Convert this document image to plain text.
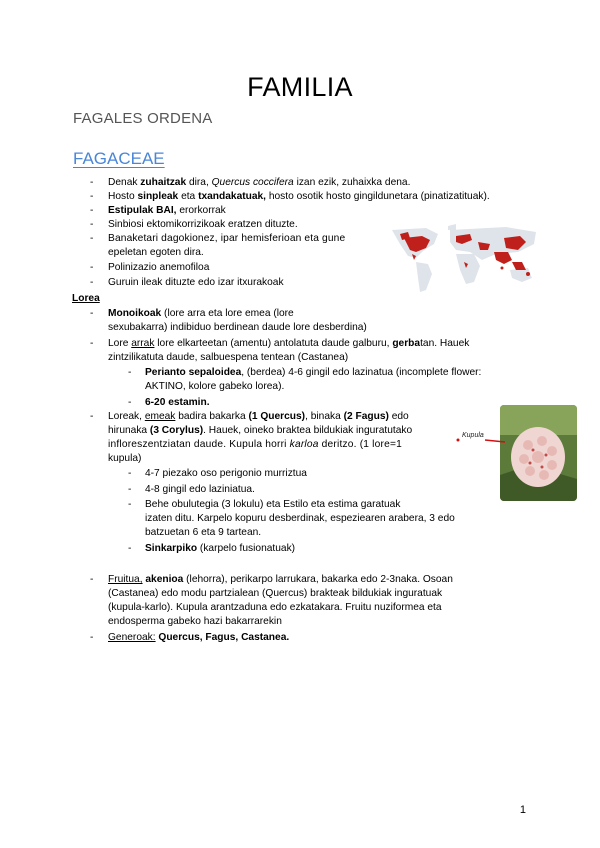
FAMILIA
FAGALES ORDENA
FAGACEAE
- Denak zuhaitzak dira, Quercus coccifera izan ezik, zuhaixka dena.
- Hosto sinpleak eta txandakatuak, hosto osotik hosto gingildunetara (pinatizatituak).
- Estipulak BAI, erorkorrak
- Sinbiosi ektomikorrizikoak eratzen dituzte.
- Banaketari dagokionez, ipar hemisferioan eta gune
epeletan egoten dira.
- Polinizazio anemofiloa
- Guruin ileak dituzte edo izar itxurakoak
Lorea
- Monoikoak (lore arra eta lore emea (lore
sexubakarra) indibiduo berdinean daude lore desberdina)
- Lore arrak lore elkarteetan (amentu) antolatuta daude galburu, gerbatan. Hauek
zintzilikatuta daude, salbuespena tentean (Castanea)
- Perianto sepaloidea, (berdea) 4-6 gingil edo lazinatua (incomplete flower:
AKTINO, kolore gabeko lorea).
- 6-20 estamin.
- Loreak, emeak badira bakarka (1 Quercus), binaka (2 Fagus) edo
hirunaka (3 Corylus). Hauek, oineko braktea bildukiak inguratutako
infloreszentziatan daude. Kupula horri karloa deritzo. (1 lore=1
kupula)
- 4-7 piezako oso perigonio murriztua
- 4-8 gingil edo laziniatua.
- Behe obulutegia (3 lokulu) eta Estilo eta estima garatuak
izaten ditu. Karpelo kopuru desberdinak, espeziearen arabera, 3 edo
batzuetan 6 eta 9 tartean.
- Sinkarpiko (karpelo fusionatuak)
Kupula
- Fruitua, akenioa (lehorra), perikarpo larrukara, bakarka edo 2-3naka. Osoan
(Castanea) edo modu partzialean (Quercus) brakteak bildukiak inguratuak
(kupula-karlo). Kupula arantzaduna edo ezkatakara. Fruitu nuziformea eta
endosperma gabeko hazi bakarrarekin
- Generoak: Quercus, Fagus, Castanea.
1
